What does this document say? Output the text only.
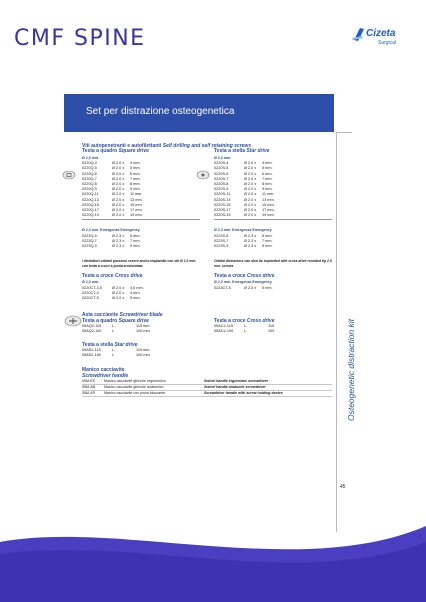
CMF SPINE	Cizeta
Surgical
Set per distrazione osteogenetica
Osteogenetic distraction kit
45
Viti autopenetranti e autofilettanti Self drilling and self retaining screws
Testa a quadro Square drive
Ø 2,0 mm.
0220Q-4	Ø 2,0 x	4 mm.
0220Q-5	Ø 2,0 x	5 mm.
0220Q-6	Ø 2,0 x	6 mm.
0220Q-7	Ø 2,0 x	7 mm.
0220Q-8	Ø 2,0 x	8 mm.
0220Q-9	Ø 2,0 x	9 mm.
0220Q-11	Ø 2,0 x	11 mm.
0220Q-13	Ø 2,0 x	13 mm.
0220Q-15	Ø 2,0 x	15 mm.
0220Q-17	Ø 2,0 x	17 mm.
0220Q-19	Ø 2,0 x	19 mm.
Ø 2,3 mm. Emergenza Emergency
0223Q-5	Ø 2,3 x	5 mm.
0223Q-7	Ø 2,3 x	7 mm.
0223Q-9	Ø 2,3 x	9 mm.
Testa a stella Star drive
Ø 2,0 mm.
0220S-4	Ø 2,0 x	4 mm.
0220S-5	Ø 2,0 x	5 mm.
0220S-6	Ø 2,0 x	6 mm.
0220S-7	Ø 2,0 x	7 mm.
0220S-8	Ø 2,0 x	8 mm.
0220S-9	Ø 2,0 x	9 mm.
0220S-11	Ø 2,0 x	11 mm.
0220S-13	Ø 2,0 x	13 mm.
0220S-15	Ø 2,0 x	15 mm.
0220S-17	Ø 2,0 x	17 mm.
0220S-19	Ø 2,0 x	19 mm.
Ø 2,3 mm. Emergenza Emergency
0223S-5	Ø 2,3 x	5 mm.
0223S-7	Ø 2,3 x	7 mm.
0223S-9	Ø 2,3 x	9 mm.
I distrattori orbitali possono essere anche impiantati con viti Ø 2,0 mm. con testa a croce a punta arrotondata
Orbital distractors can also be implanted with cross drive rounded tip 2,0 mm. screws
Testa a croce Cross drive
Ø 2,0 mm.
0220CT-3,5	Ø 2,0 x	3,5 mm.
0220CT-4	Ø 2,0 x	4 mm.
0220CT-5	Ø 2,0 x	5 mm.
Testa a croce Cross drive
Ø 2,3 mm. Emergenza Emergency
0223CT-5	Ø 2,3 x	5 mm.
Asta cacciavite Screwdriver blade
Testa a quadro Square drive
05AQ2-115	L.	115 mm.
05AQ2-100	L.	100 mm.
Testa a croce Cross drive
05AC2-115	L.	115
05AC2-100	L.	100
Testa a stella Star drive
05AS2-115	L.	115 mm.
05AS2-100	L.	100 mm.
Manico cacciavite
Screwdriver handle
05M-EE	Manico cacciavite girevole ergonomico	Swivel handle ergonomic screwdriver
05M-AB	Manico cacciavite girevole anatomico	Swivel handle anatomic screwdriver
05M-AP	Manico cacciavite con pinza bloccante	Screwdriver handle with screw holding device
